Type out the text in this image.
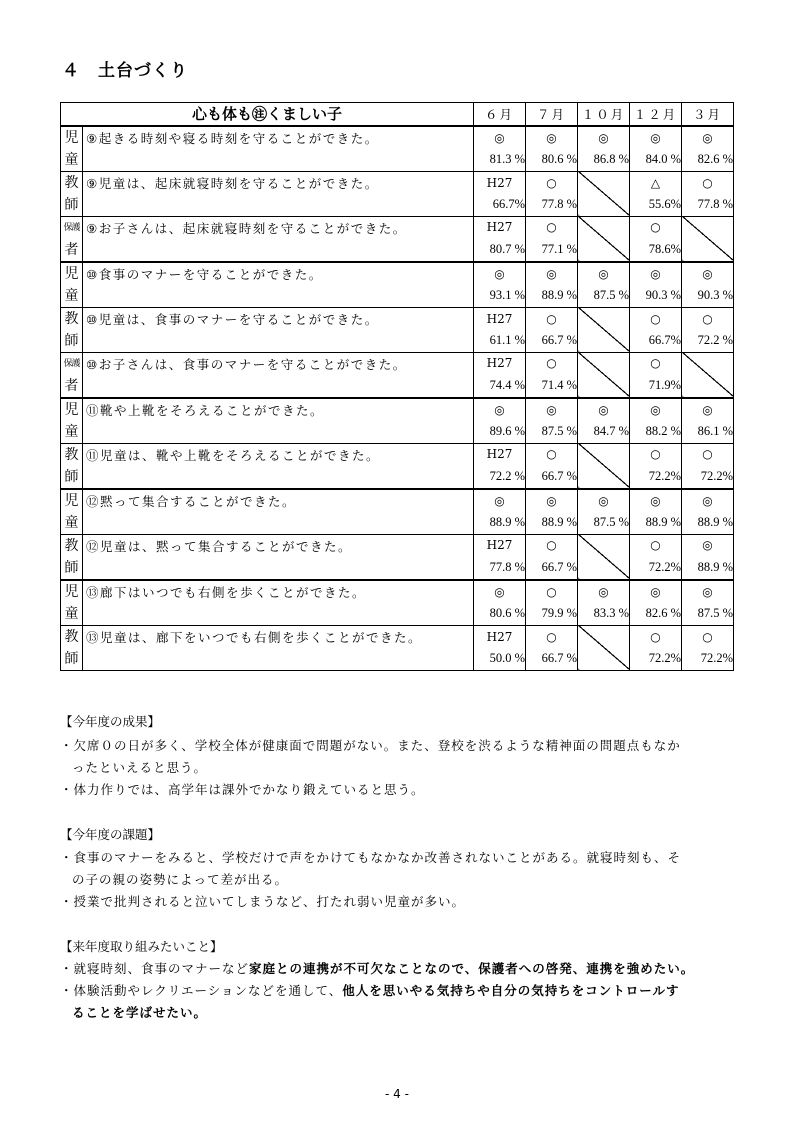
４　土台づくり
心も体も㊟くましい子		６月	７月	１０月	１２月	３月

児
童	⑨起きる時刻や寝る時刻を守ることができた。	◎	◎	◎	◎	◎
		81.3 %	80.6 %	86.8 %	84.0 %	82.6 %

教
師	⑨児童は、起床就寝時刻を守ることができた。	H27	○		△	○
		66.7%	77.8 %		55.6%	77.8 %

保護
者	⑨お子さんは、起床就寝時刻を守ることができた。	H27	○		○	
		80.7 %	77.1 %		78.6%	

児
童	⑩食事のマナーを守ることができた。	◎	◎	◎	◎	◎
		93.1 %	88.9 %	87.5 %	90.3 %	90.3 %

教
師	⑩児童は、食事のマナーを守ることができた。	H27	○		○	○
		61.1 %	66.7 %		66.7%	72.2 %

保護
者	⑩お子さんは、食事のマナーを守ることができた。	H27	○		○	
		74.4 %	71.4 %		71.9%	

児
童	⑪靴や上靴をそろえることができた。	◎	◎	◎	◎	◎
		89.6 %	87.5 %	84.7 %	88.2 %	86.1 %

教
師	⑪児童は、靴や上靴をそろえることができた。	H27	○		○	○
		72.2 %	66.7 %		72.2%	72.2%

児
童	⑫黙って集合することができた。	◎	◎	◎	◎	◎
		88.9 %	88.9 %	87.5 %	88.9 %	88.9 %

教
師	⑫児童は、黙って集合することができた。	H27	○		○	◎
		77.8 %	66.7 %		72.2%	88.9 %

児
童	⑬廊下はいつでも右側を歩くことができた。	◎	○	◎	◎	◎
		80.6 %	79.9 %	83.3 %	82.6 %	87.5 %

教
師	⑬児童は、廊下をいつでも右側を歩くことができた。	H27	○		○	○
		50.0 %	66.7 %		72.2%	72.2%
【今年度の成果】
・欠席０の日が多く、学校全体が健康面で問題がない。また、登校を渋るような精神面の問題点もなか
ったといえると思う。
・体力作りでは、高学年は課外でかなり鍛えていると思う。
【今年度の課題】
・食事のマナーをみると、学校だけで声をかけてもなかなか改善されないことがある。就寝時刻も、そ
の子の親の姿勢によって差が出る。
・授業で批判されると泣いてしまうなど、打たれ弱い児童が多い。
【来年度取り組みたいこと】
・就寝時刻、食事のマナーなど家庭との連携が不可欠なことなので、保護者への啓発、連携を強めたい。
・体験活動やレクリエーションなどを通して、他人を思いやる気持ちや自分の気持ちをコントロールす
ることを学ばせたい。
- 4 -
